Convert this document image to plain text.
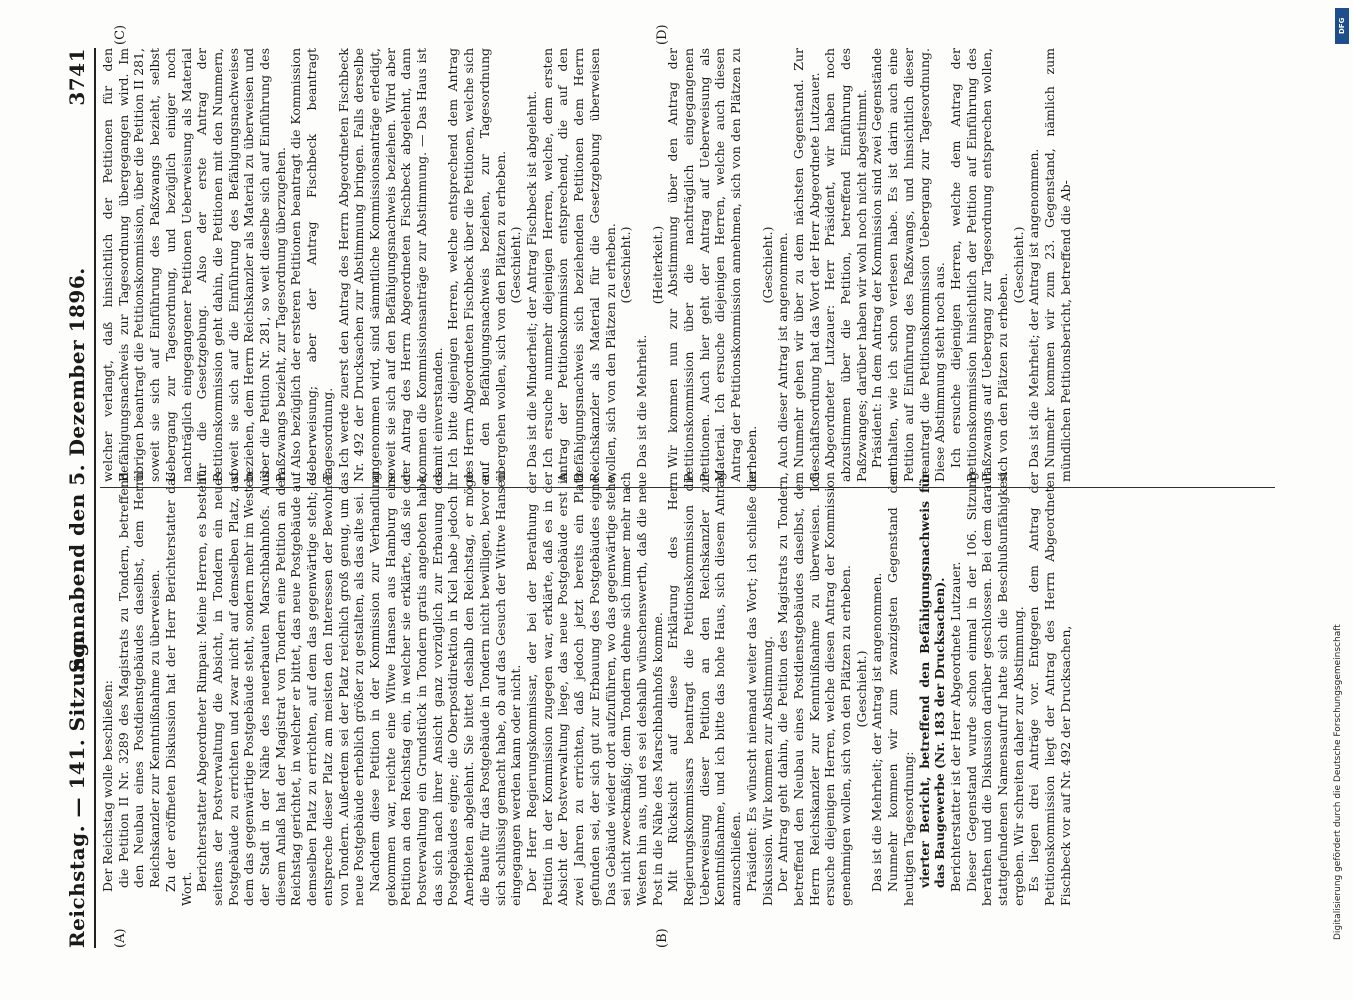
Reichstag. — 141. Sitzung.
Sonnabend den 5. Dezember 1896.
3741
(A)	(B)
(C)	(D)

Der Reichstag wolle beschließen: die Petition II Nr. 3289 des Magistrats zu Tondern, betreffend den Neubau eines Postdienstgebäudes daselbst, dem Herrn Reichskanzler zur Kenntnißnahme zu überweisen. Zu der eröffneten Diskussion hat der Herr Berichterstatter das Wort. Berichterstatter Abgeordneter Rimpau: Meine Herren, es besteht seitens der Postverwaltung die Absicht, in Tondern ein neues Postgebäude zu errichten und zwar nicht auf demselben Platz, auf dem das gegenwärtige Postgebäude steht, sondern mehr im Westen der Stadt in der Nähe des neuerbauten Marschbahnhofs. Aus diesem Anlaß hat der Magistrat von Tondern eine Petition an den Reichstag gerichtet, in welcher er bittet, das neue Postgebäude auf demselben Platz zu errichten, auf dem das gegenwärtige steht; es entspreche dieser Platz am meisten den Interessen der Bewohner von Tondern. Außerdem sei der Platz reichlich groß genug, um das neue Postgebäude erheblich größer zu gestalten, als das alte sei. Nachdem diese Petition in der Kommission zur Verhandlung gekommen war, reichte eine Witwe Hansen aus Hamburg eine Petition an den Reichstag ein, in welcher sie erklärte, daß sie der Postverwaltung ein Grundstück in Tondern gratis angeboten habe, das sich nach ihrer Ansicht ganz vorzüglich zur Erbauung des Postgebäudes eigne; die Oberpostdirektion in Kiel habe jedoch ihr Anerbieten abgelehnt. Sie bittet deshalb den Reichstag, er möge die Baute für das Postgebäude in Tondern nicht bewilligen, bevor er sich schlüssig gemacht habe, ob auf das Gesuch der Wittwe Hansen eingegangen werden kann oder nicht. Der Herr Regierungskommissar, der bei der Berathung der Petition in der Kommission zugegen war, erklärte, daß es in der Absicht der Postverwaltung liege, das neue Postgebäude erst in zwei Jahren zu errichten, daß jedoch jetzt bereits ein Platz gefunden sei, der sich gut zur Erbauung des Postgebäudes eigne. Das Gebäude wieder dort aufzuführen, wo das gegenwärtige stehe, sei nicht zweckmäßig; denn Tondern dehne sich immer mehr nach Westen hin aus, und es sei deshalb wünschenswerth, daß die neue Post in die Nähe des Marschbahnhofs komme. Mit Rücksicht auf diese Erklärung des Herrn Regierungskommissars beantragt die Petitionskommission die Ueberweisung dieser Petition an den Reichskanzler zur Kenntnißnahme, und ich bitte das hohe Haus, sich diesem Antrag anzuschließen. Präsident: Es wünscht niemand weiter das Wort; ich schließe die Diskussion. Wir kommen zur Abstimmung. Der Antrag geht dahin, die Petition des Magistrats zu Tondern, betreffend den Neubau eines Postdienstgebäudes daselbst, dem Herrn Reichskanzler zur Kenntnißnahme zu überweisen. Ich ersuche diejenigen Herren, welche diesen Antrag der Kommission genehmigen wollen, sich von den Plätzen zu erheben. (Geschieht.) Das ist die Mehrheit; der Antrag ist angenommen. Nunmehr kommen wir zum zwanzigsten Gegenstand der heutigen Tagesordnung: vierter Bericht, betreffend den Befähigungsnachweis für das Baugewerbe (Nr. 183 der Drucksachen). Berichterstatter ist der Herr Abgeordnete Lutzauer. Dieser Gegenstand wurde schon einmal in der 106. Sitzung berathen und die Diskussion darüber geschlossen. Bei dem darauf stattgefundenen Namensaufruf hatte sich die Beschlußunfähigkeit ergeben. Wir schreiten daher zur Abstimmung. Es liegen drei Anträge vor. Entgegen dem Antrag der Petitionskommission liegt der Antrag des Herrn Abgeordneten Fischbeck vor auf Nr. 492 der Drucksachen,

welcher verlangt, daß hinsichtlich der Petitionen für den Befähigungsnachweis zur Tagesordnung übergegangen wird. Im übrigen beantragt die Petitionskommission, über die Petition II 281, soweit sie sich auf Einführung des Paßzwangs bezieht, selbst Uebergang zur Tagesordnung, und bezüglich einiger noch nachträglich eingegangener Petitionen Ueberweisung als Material für die Gesetzgebung. Also der erste Antrag der Petitionskommission geht dahin, die Petitionen mit den Nummern, soweit sie sich auf die Einführung des Befähigungsnachweises beziehen, dem Herrn Reichskanzler als Material zu überweisen und über die Petition Nr. 281, so weit dieselbe sich auf Einführung des Paßzwangs bezieht, zur Tagesordnung überzugehen. Also bezüglich der ersteren Petitionen beantragt die Kommission Ueberweisung; aber der Antrag Fischbeck beantragt Tagesordnung. Ich werde zuerst den Antrag des Herrn Abgeordneten Fischbeck Nr. 492 der Drucksachen zur Abstimmung bringen. Falls derselbe angenommen wird, sind sämmtliche Kommissionsanträge erledigt, soweit sie sich auf den Befähigungsnachweis beziehen. Wird aber der Antrag des Herrn Abgeordneten Fischbeck abgelehnt, dann kommen die Kommissionsanträge zur Abstimmung. — Das Haus ist damit einverstanden. Ich bitte diejenigen Herren, welche entsprechend dem Antrag des Herrn Abgeordneten Fischbeck über die Petitionen, welche sich auf den Befähigungsnachweis beziehen, zur Tagesordnung übergehen wollen, sich von den Plätzen zu erheben. (Geschieht.) Das ist die Minderheit; der Antrag Fischbeck ist abgelehnt. Ich ersuche nunmehr diejenigen Herren, welche, dem ersten Antrag der Petitionskommission entsprechend, die auf den Befähigungsnachweis sich beziehenden Petitionen dem Herrn Reichskanzler als Material für die Gesetzgebung überweisen wollen, sich von den Plätzen zu erheben. (Geschieht.)

Das ist die Mehrheit.

(Heiterkeit.) Wir kommen nun zur Abstimmung über den Antrag der Petitionskommission über die nachträglich eingegangenen Petitionen. Auch hier geht der Antrag auf Ueberweisung als Material. Ich ersuche diejenigen Herren, welche auch diesen Antrag der Petitionskommission annehmen, sich von den Plätzen zu erheben.

(Geschieht.) Auch dieser Antrag ist angenommen. Nunmehr gehen wir über zu dem nächsten Gegenstand. Zur Geschäftsordnung hat das Wort der Herr Abgeordnete Lutzauer. Abgeordneter Lutzauer: Herr Präsident, wir haben noch abzustimmen über die Petition, betreffend Einführung des Paßzwanges; darüber haben wir wohl noch nicht abgestimmt. Präsident: In dem Antrag der Kommission sind zwei Gegenstände enthalten, wie ich schon verlesen habe. Es ist darin auch eine Petition auf Einführung des Paßzwangs, und hinsichtlich dieser beantragt die Petitionskommission Uebergang zur Tagesordnung. Diese Abstimmung steht noch aus. Ich ersuche diejenigen Herren, welche dem Antrag der Petitionskommission hinsichtlich der Petition auf Einführung des Paßzwangs auf Uebergang zur Tagesordnung entsprechen wollen, sich von den Plätzen zu erheben.

(Geschieht.) Das ist die Mehrheit; der Antrag ist angenommen. Nunmehr kommen wir zum 23. Gegenstand, nämlich zum mündlichen Petitionsbericht, betreffend die Ab-

DFG
Digitalisierung gefördert durch die Deutsche Forschungsgemeinschaft
